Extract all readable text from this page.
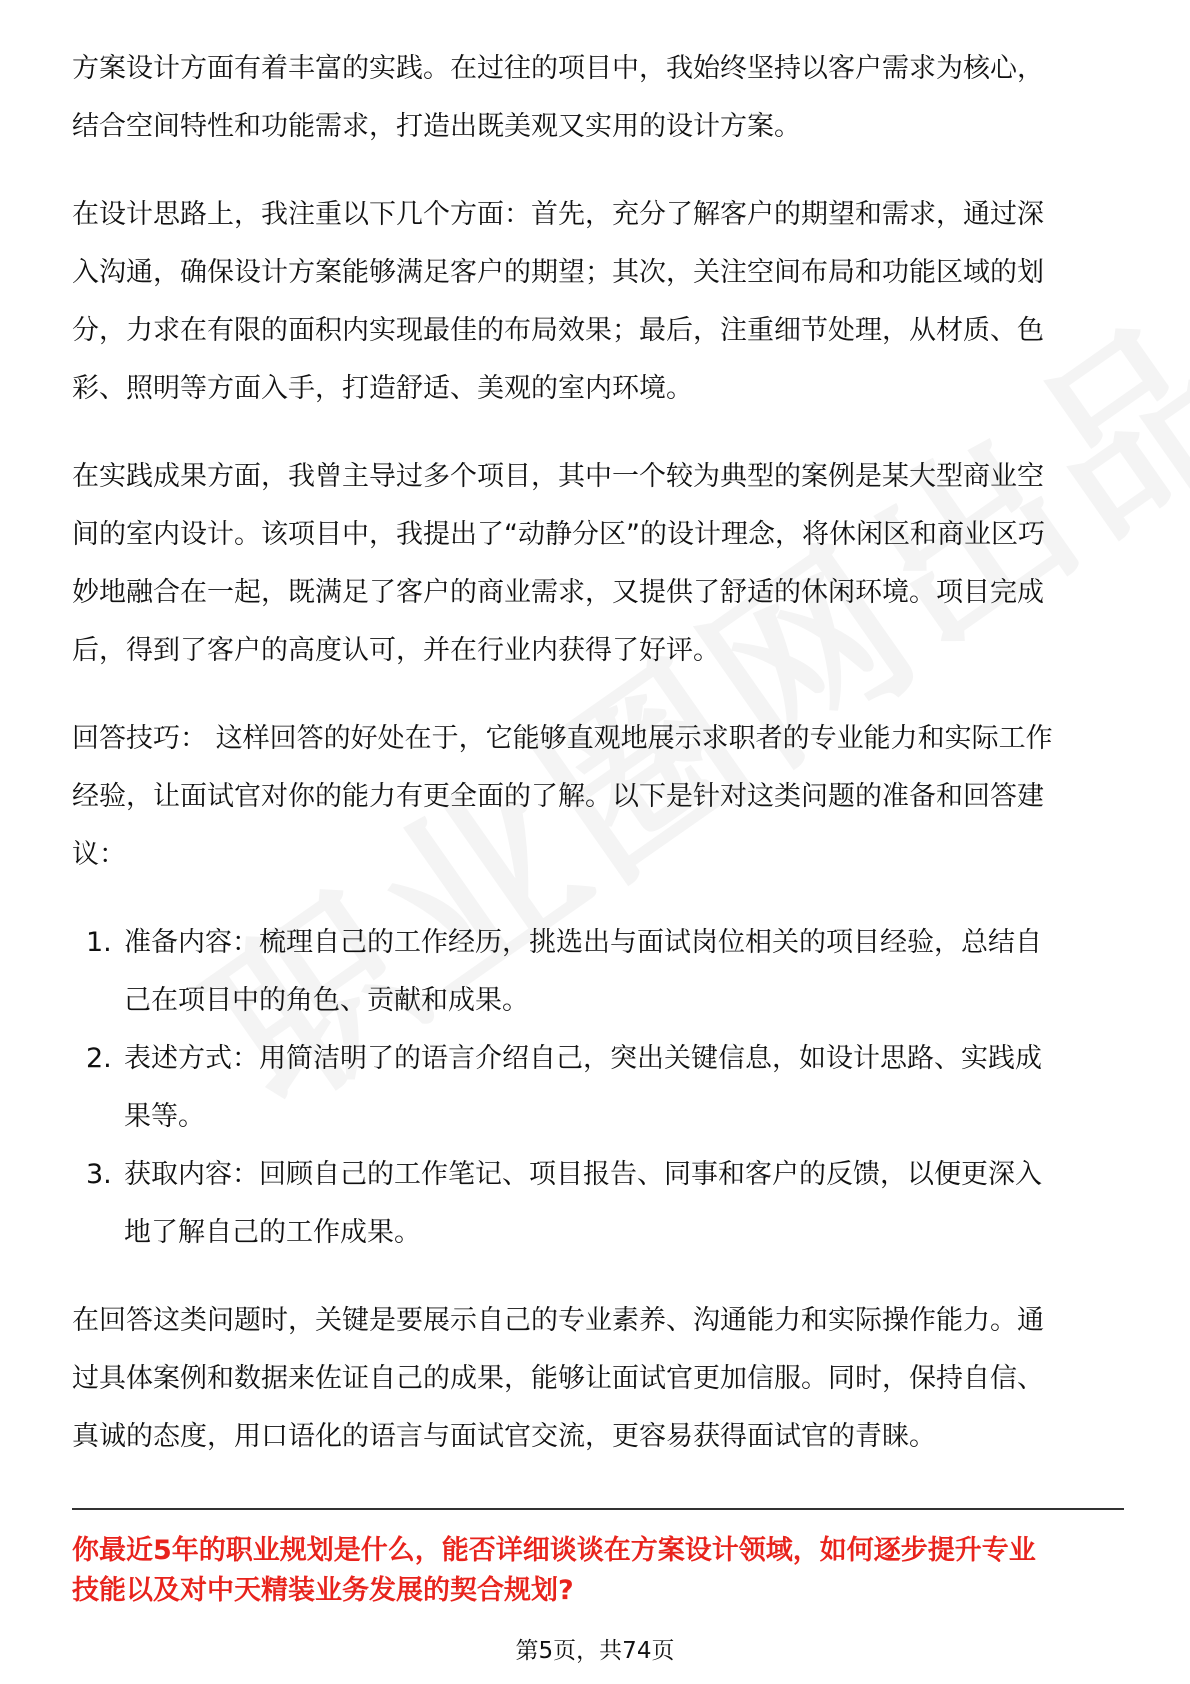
方案设计方面有着丰富的实践。在过往的项目中，我始终坚持以客户需求为核心，

结合空间特性和功能需求，打造出既美观又实用的设计方案。

在设计思路上，我注重以下几个方面：首先，充分了解客户的期望和需求，通过深

入沟通，确保设计方案能够满足客户的期望；其次，关注空间布局和功能区域的划

分，力求在有限的面积内实现最佳的布局效果；最后，注重细节处理，从材质、色

彩、照明等方面入手，打造舒适、美观的室内环境。

在实践成果方面，我曾主导过多个项目，其中一个较为典型的案例是某大型商业空

间的室内设计。该项目中，我提出了“动静分区”的设计理念，将休闲区和商业区巧

妙地融合在一起，既满足了客户的商业需求，又提供了舒适的休闲环境。项目完成

后，得到了客户的高度认可，并在行业内获得了好评。

回答技巧： 这样回答的好处在于，它能够直观地展示求职者的专业能力和实际工作

经验，让面试官对你的能力有更全面的了解。以下是针对这类问题的准备和回答建

议：

1. 准备内容：梳理自己的工作经历，挑选出与面试岗位相关的项目经验，总结自
己在项目中的角色、贡献和成果。
2. 表述方式：用简洁明了的语言介绍自己，突出关键信息，如设计思路、实践成
果等。
3. 获取内容：回顾自己的工作笔记、项目报告、同事和客户的反馈，以便更深入
地了解自己的工作成果。

在回答这类问题时，关键是要展示自己的专业素养、沟通能力和实际操作能力。通

过具体案例和数据来佐证自己的成果，能够让面试官更加信服。同时，保持自信、

真诚的态度，用口语化的语言与面试官交流，更容易获得面试官的青睐。

你最近5年的职业规划是什么，能否详细谈谈在方案设计领域，如何逐步提升专业
技能以及对中天精装业务发展的契合规划?
第5页，共74页
